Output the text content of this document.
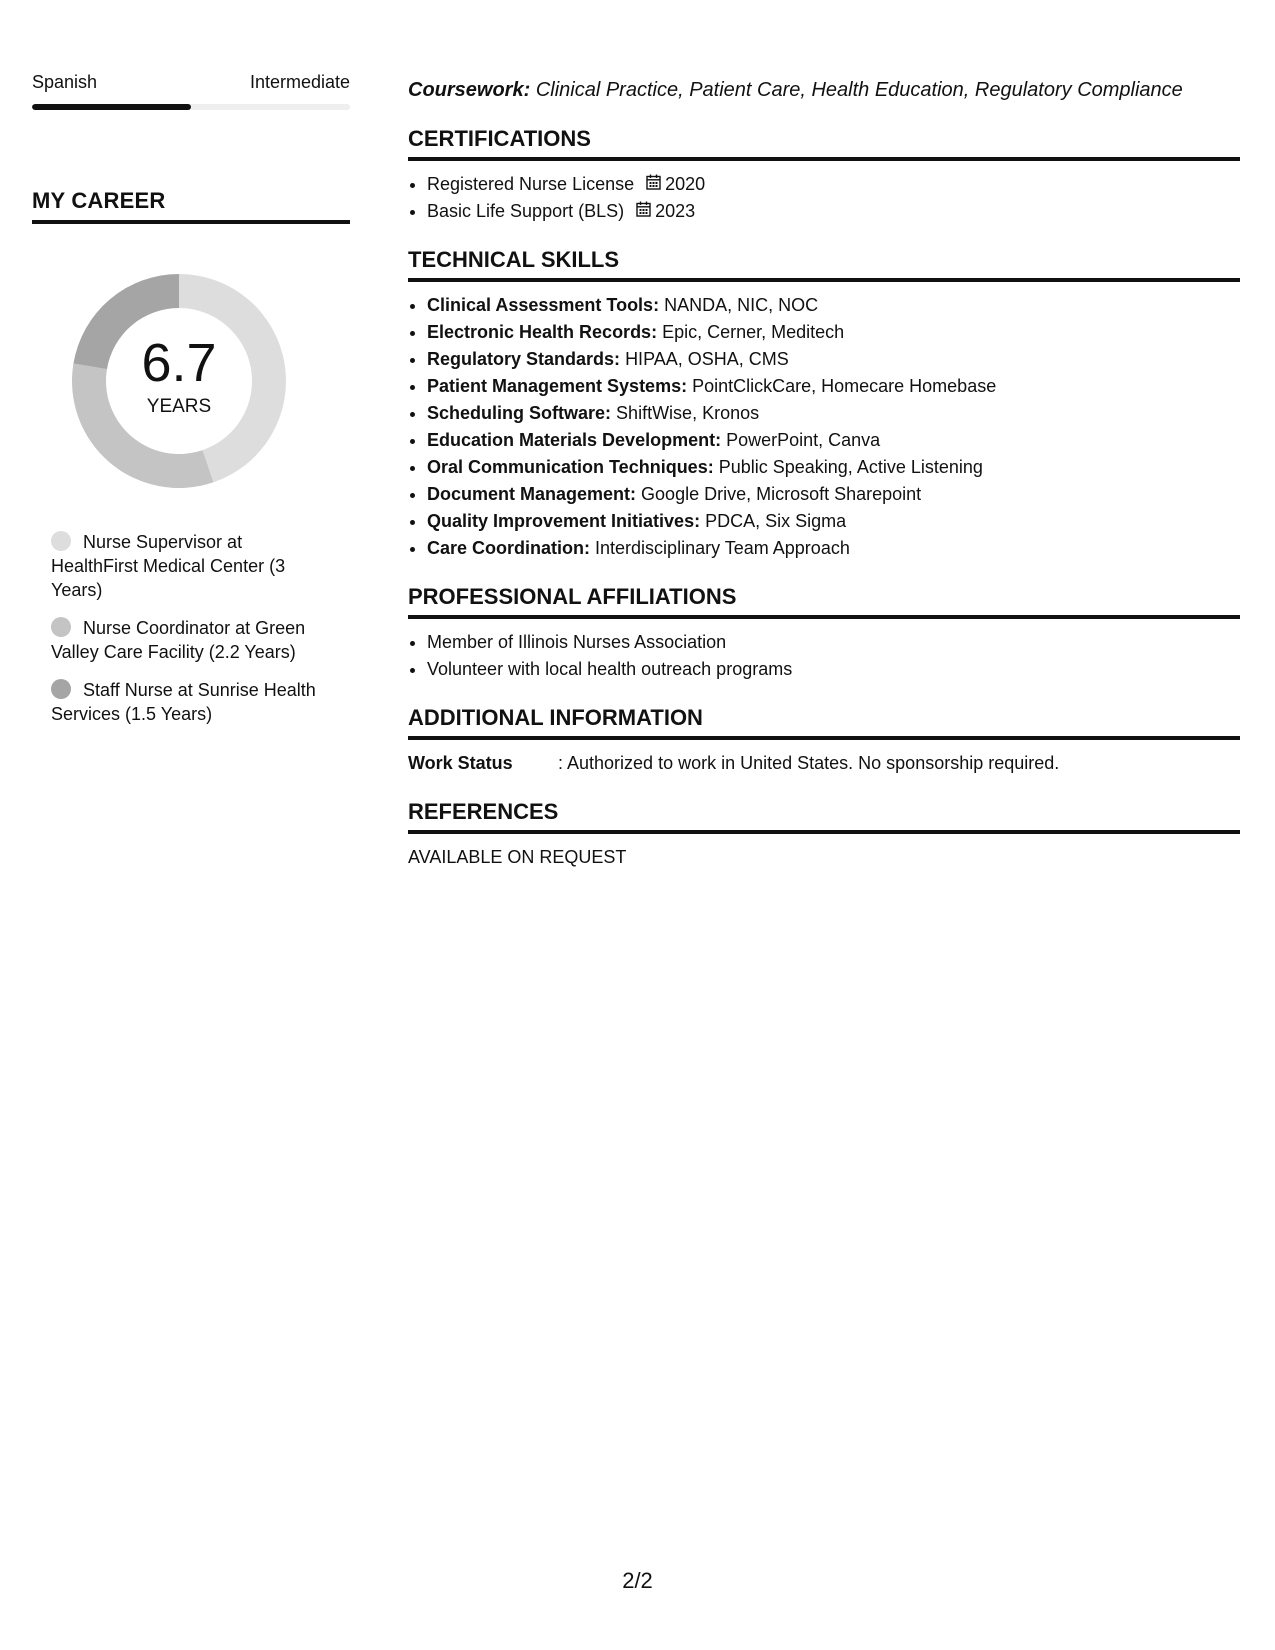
Spanish	Intermediate
MY CAREER
6.7
YEARS
Nurse Supervisor at HealthFirst Medical Center (3 Years)
Nurse Coordinator at Green Valley Care Facility (2.2 Years)
Staff Nurse at Sunrise Health Services (1.5 Years)
Coursework: Clinical Practice, Patient Care, Health Education, Regulatory Compliance
CERTIFICATIONS
• Registered Nurse License 2020
• Basic Life Support (BLS) 2023
TECHNICAL SKILLS
• Clinical Assessment Tools: NANDA, NIC, NOC
• Electronic Health Records: Epic, Cerner, Meditech
• Regulatory Standards: HIPAA, OSHA, CMS
• Patient Management Systems: PointClickCare, Homecare Homebase
• Scheduling Software: ShiftWise, Kronos
• Education Materials Development: PowerPoint, Canva
• Oral Communication Techniques: Public Speaking, Active Listening
• Document Management: Google Drive, Microsoft Sharepoint
• Quality Improvement Initiatives: PDCA, Six Sigma
• Care Coordination: Interdisciplinary Team Approach
PROFESSIONAL AFFILIATIONS
• Member of Illinois Nurses Association
• Volunteer with local health outreach programs
ADDITIONAL INFORMATION
Work Status	: Authorized to work in United States. No sponsorship required.
REFERENCES
AVAILABLE ON REQUEST
2/2
